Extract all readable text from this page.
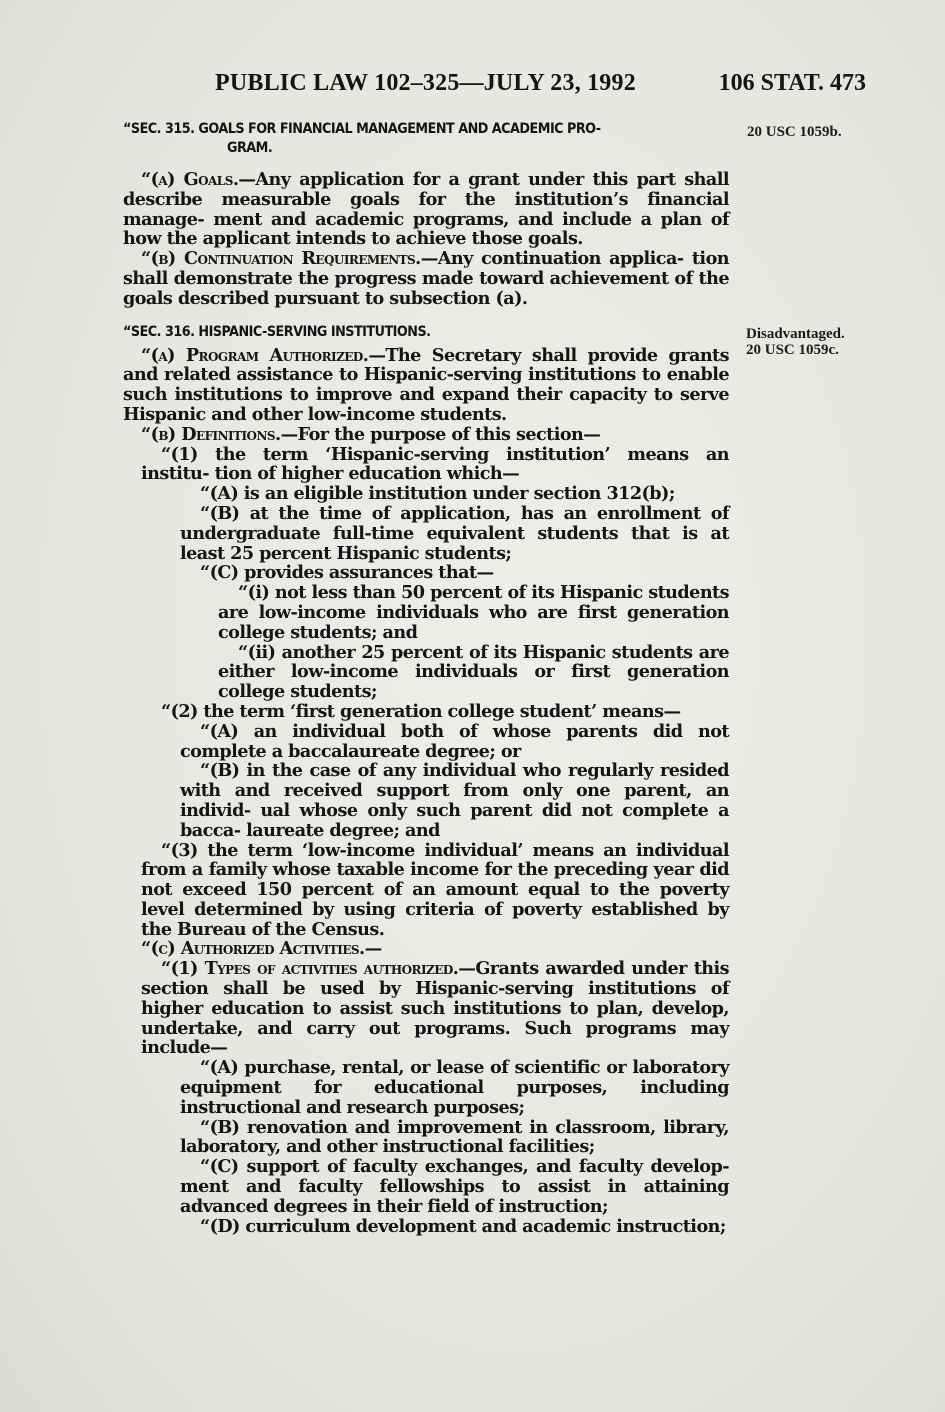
PUBLIC LAW 102–325—JULY 23, 1992	106 STAT. 473
20 USC 1059b.
Disadvantaged.
20 USC 1059c.

“SEC. 315. GOALS FOR FINANCIAL MANAGEMENT AND ACADEMIC PRO-
GRAM.

“(a) Goals.—Any application for a grant under this part shall describe measurable goals for the institution’s financial manage- ment and academic programs, and include a plan of how the applicant intends to achieve those goals.

“(b) Continuation Requirements.—Any continuation applica- tion shall demonstrate the progress made toward achievement of the goals described pursuant to subsection (a).

“SEC. 316. HISPANIC-SERVING INSTITUTIONS.

“(a) Program Authorized.—The Secretary shall provide grants and related assistance to Hispanic-serving institutions to enable such institutions to improve and expand their capacity to serve Hispanic and other low-income students.

“(b) Definitions.—For the purpose of this section—

“(1) the term ‘Hispanic-serving institution’ means an institu- tion of higher education which—

“(A) is an eligible institution under section 312(b);

“(B) at the time of application, has an enrollment of undergraduate full-time equivalent students that is at least 25 percent Hispanic students;

“(C) provides assurances that—

“(i) not less than 50 percent of its Hispanic students are low-income individuals who are first generation college students; and

“(ii) another 25 percent of its Hispanic students are either low-income individuals or first generation college students;

“(2) the term ‘first generation college student’ means—

“(A) an individual both of whose parents did not complete a baccalaureate degree; or

“(B) in the case of any individual who regularly resided with and received support from only one parent, an individ- ual whose only such parent did not complete a bacca- laureate degree; and

“(3) the term ‘low-income individual’ means an individual from a family whose taxable income for the preceding year did not exceed 150 percent of an amount equal to the poverty level determined by using criteria of poverty established by the Bureau of the Census.

“(c) Authorized Activities.—

“(1) Types of activities authorized.—Grants awarded under this section shall be used by Hispanic-serving institutions of higher education to assist such institutions to plan, develop, undertake, and carry out programs. Such programs may include—

“(A) purchase, rental, or lease of scientific or laboratory equipment for educational purposes, including instructional and research purposes;

“(B) renovation and improvement in classroom, library, laboratory, and other instructional facilities;

“(C) support of faculty exchanges, and faculty develop- ment and faculty fellowships to assist in attaining advanced degrees in their field of instruction;

“(D) curriculum development and academic instruction;
